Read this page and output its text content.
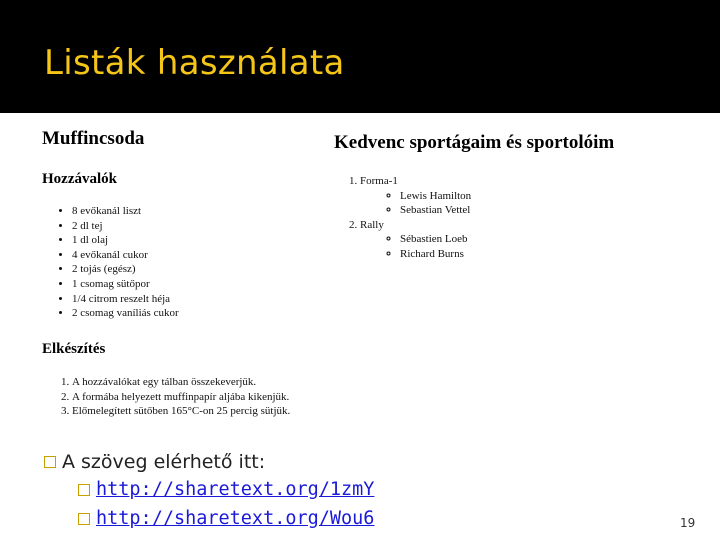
Listák használata
Muffincsoda	Kedvenc sportágaim és sportolóim
Hozzávalók
• 8 evőkanál liszt
• 2 dl tej
• 1 dl olaj
• 4 evőkanál cukor
• 2 tojás (egész)
• 1 csomag sütőpor
• 1/4 citrom reszelt héja
• 2 csomag vaníliás cukor
Elkészítés
1. A hozzávalókat egy tálban összekeverjük.
2. A formába helyezett muffinpapír aljába kikenjük.
3. Előmelegített sütőben 165°C-on 25 percig sütjük.
1. Forma-1
◦ Lewis Hamilton
◦ Sebastian Vettel
2. Rally
◦ Sébastien Loeb
◦ Richard Burns
A szöveg elérhető itt:
http://sharetext.org/1zmY
http://sharetext.org/Wou6	19
